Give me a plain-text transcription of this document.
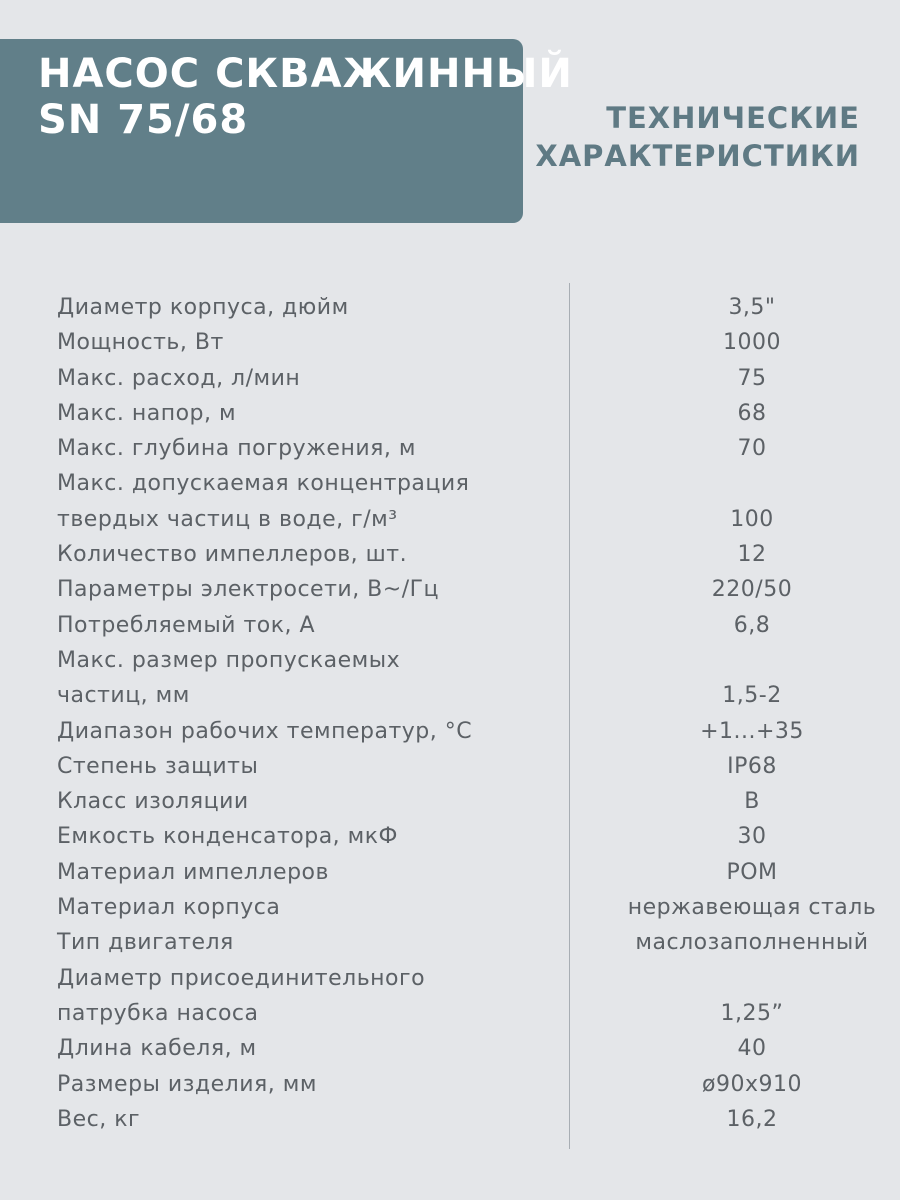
НАСОС СКВАЖИННЫЙ
SN 75/68	ТЕХНИЧЕСКИЕ
ХАРАКТЕРИСТИКИ
Диаметр корпуса, дюйм	3,5"
Мощность, Вт	1000
Макс. расход, л/мин	75
Макс. напор, м	68
Макс. глубина погружения, м	70
Макс. допускаемая концентрация
твердых частиц в воде, г/м³	100
Количество импеллеров, шт.	12
Параметры электросети, В~/Гц	220/50
Потребляемый ток, А	6,8
Макс. размер пропускаемых
частиц, мм	1,5-2
Диапазон рабочих температур, °С	+1...+35
Степень защиты	IP68
Класс изоляции	B
Емкость конденсатора, мкФ	30
Материал импеллеров	POM
Материал корпуса	нержавеющая сталь
Тип двигателя	маслозаполненный
Диаметр присоединительного
патрубка насоса	1,25”
Длина кабеля, м	40
Размеры изделия, мм	ø90x910
Вес, кг	16,2
